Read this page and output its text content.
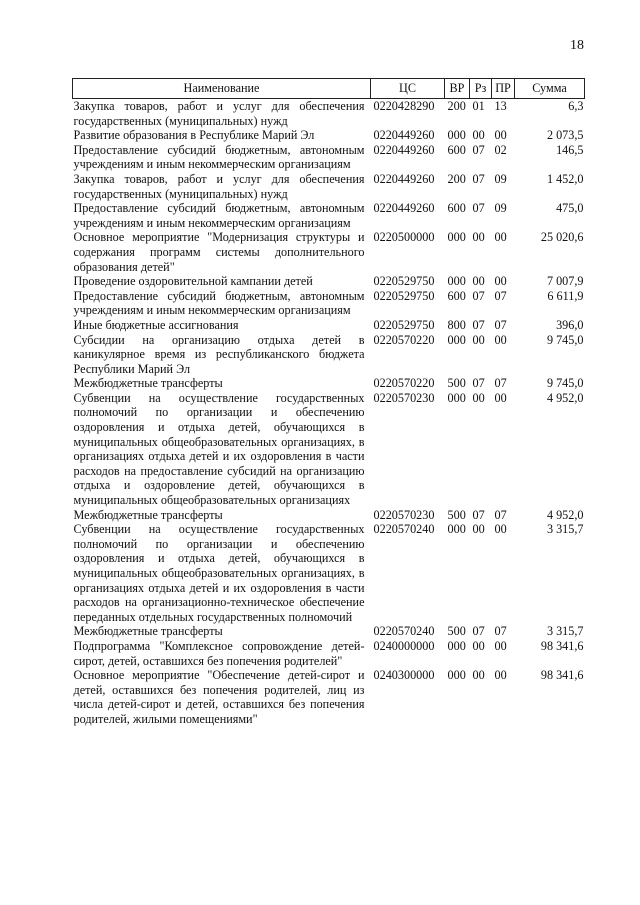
18
Наименование	ЦС	ВР	Рз	ПР	Сумма
Закупка товаров, работ и услуг для обеспечения государственных (муниципальных) нужд	0220428290	200	01	13	6,3
Развитие образования в Республике Марий Эл	0220449260	000	00	00	2 073,5
Предоставление субсидий бюджетным, автономным учреждениям и иным некоммерческим организациям	0220449260	600	07	02	146,5
Закупка товаров, работ и услуг для обеспечения государственных (муниципальных) нужд	0220449260	200	07	09	1 452,0
Предоставление субсидий бюджетным, автономным учреждениям и иным некоммерческим организациям	0220449260	600	07	09	475,0
Основное мероприятие "Модернизация структуры и содержания программ системы дополнительного образования детей"	0220500000	000	00	00	25 020,6
Проведение оздоровительной кампании детей	0220529750	000	00	00	7 007,9
Предоставление субсидий бюджетным, автономным учреждениям и иным некоммерческим организациям	0220529750	600	07	07	6 611,9
Иные бюджетные ассигнования	0220529750	800	07	07	396,0
Субсидии на организацию отдыха детей в каникулярное время из республиканского бюджета Республики Марий Эл	0220570220	000	00	00	9 745,0
Межбюджетные трансферты	0220570220	500	07	07	9 745,0
Субвенции на осуществление государственных полномочий по организации и обеспечению оздоровления и отдыха детей, обучающихся в муниципальных общеобразовательных организациях, в организациях отдыха детей и их оздоровления в части расходов на предоставление субсидий на организацию отдыха и оздоровление детей, обучающихся в муниципальных общеобразовательных организациях	0220570230	000	00	00	4 952,0
Межбюджетные трансферты	0220570230	500	07	07	4 952,0
Субвенции на осуществление государственных полномочий по организации и обеспечению оздоровления и отдыха детей, обучающихся в муниципальных общеобразовательных организациях, в организациях отдыха детей и их оздоровления в части расходов на организационно-техническое обеспечение переданных отдельных государственных полномочий	0220570240	000	00	00	3 315,7
Межбюджетные трансферты	0220570240	500	07	07	3 315,7
Подпрограмма "Комплексное сопровождение детей-сирот, детей, оставшихся без попечения родителей"	0240000000	000	00	00	98 341,6
Основное мероприятие "Обеспечение детей-сирот и детей, оставшихся без попечения родителей, лиц из числа детей-сирот и детей, оставшихся без попечения родителей, жилыми помещениями"	0240300000	000	00	00	98 341,6
